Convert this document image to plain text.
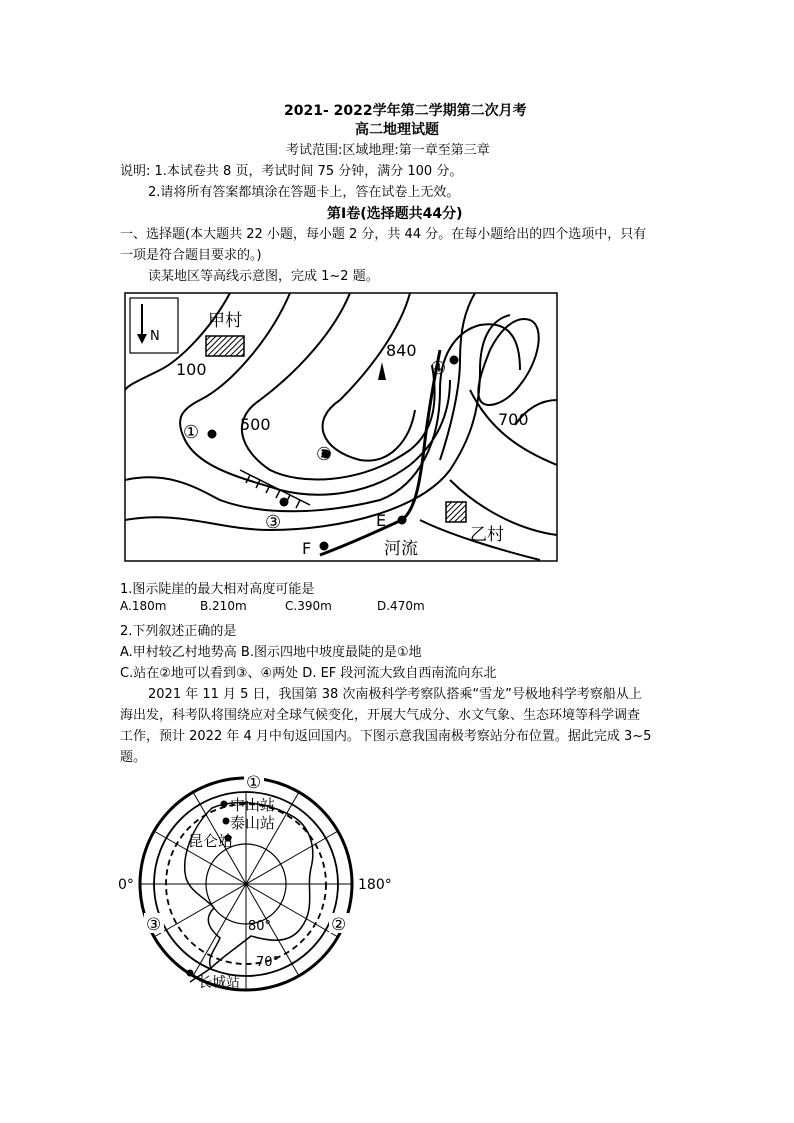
2021- 2022学年第二学期第二次月考
高二地理试题
考试范围:区域地理:第一章至第三章
说明: 1.本试卷共 8 页，考试时间 75 分钟，满分 100 分。
2.请将所有答案都填涂在答题卡上，答在试卷上无效。
第Ⅰ卷(选择题共44分)
一、选择题(本大题共 22 小题，每小题 2 分，共 44 分。在每小题给出的四个选项中，只有
一项是符合题目要求的。)
读某地区等高线示意图，完成 1~2 题。
N
甲村
乙村
100
500	700
840
①
②
③
④
E
F	河流
1.图示陡崖的最大相对高度可能是
A.180m	B.210m	C.390m	D.470m
2.下列叙述正确的是
A.甲村较乙村地势高 B.图示四地中坡度最陡的是①地
C.站在②地可以看到③、④两处 D. EF 段河流大致自西南流向东北
2021 年 11 月 5 日，我国第 38 次南极科学考察队搭乘“雪龙”号极地科学考察船从上
海出发，科考队将围绕应对全球气候变化，开展大气成分、水文气象、生态环境等科学调查
工作，预计 2022 年 4 月中旬返回国内。下图示意我国南极考察站分布位置。据此完成 3~5
题。
①
②
③
中山站
泰山站
昆仑站
长城站
0°	180°
80°
70°
